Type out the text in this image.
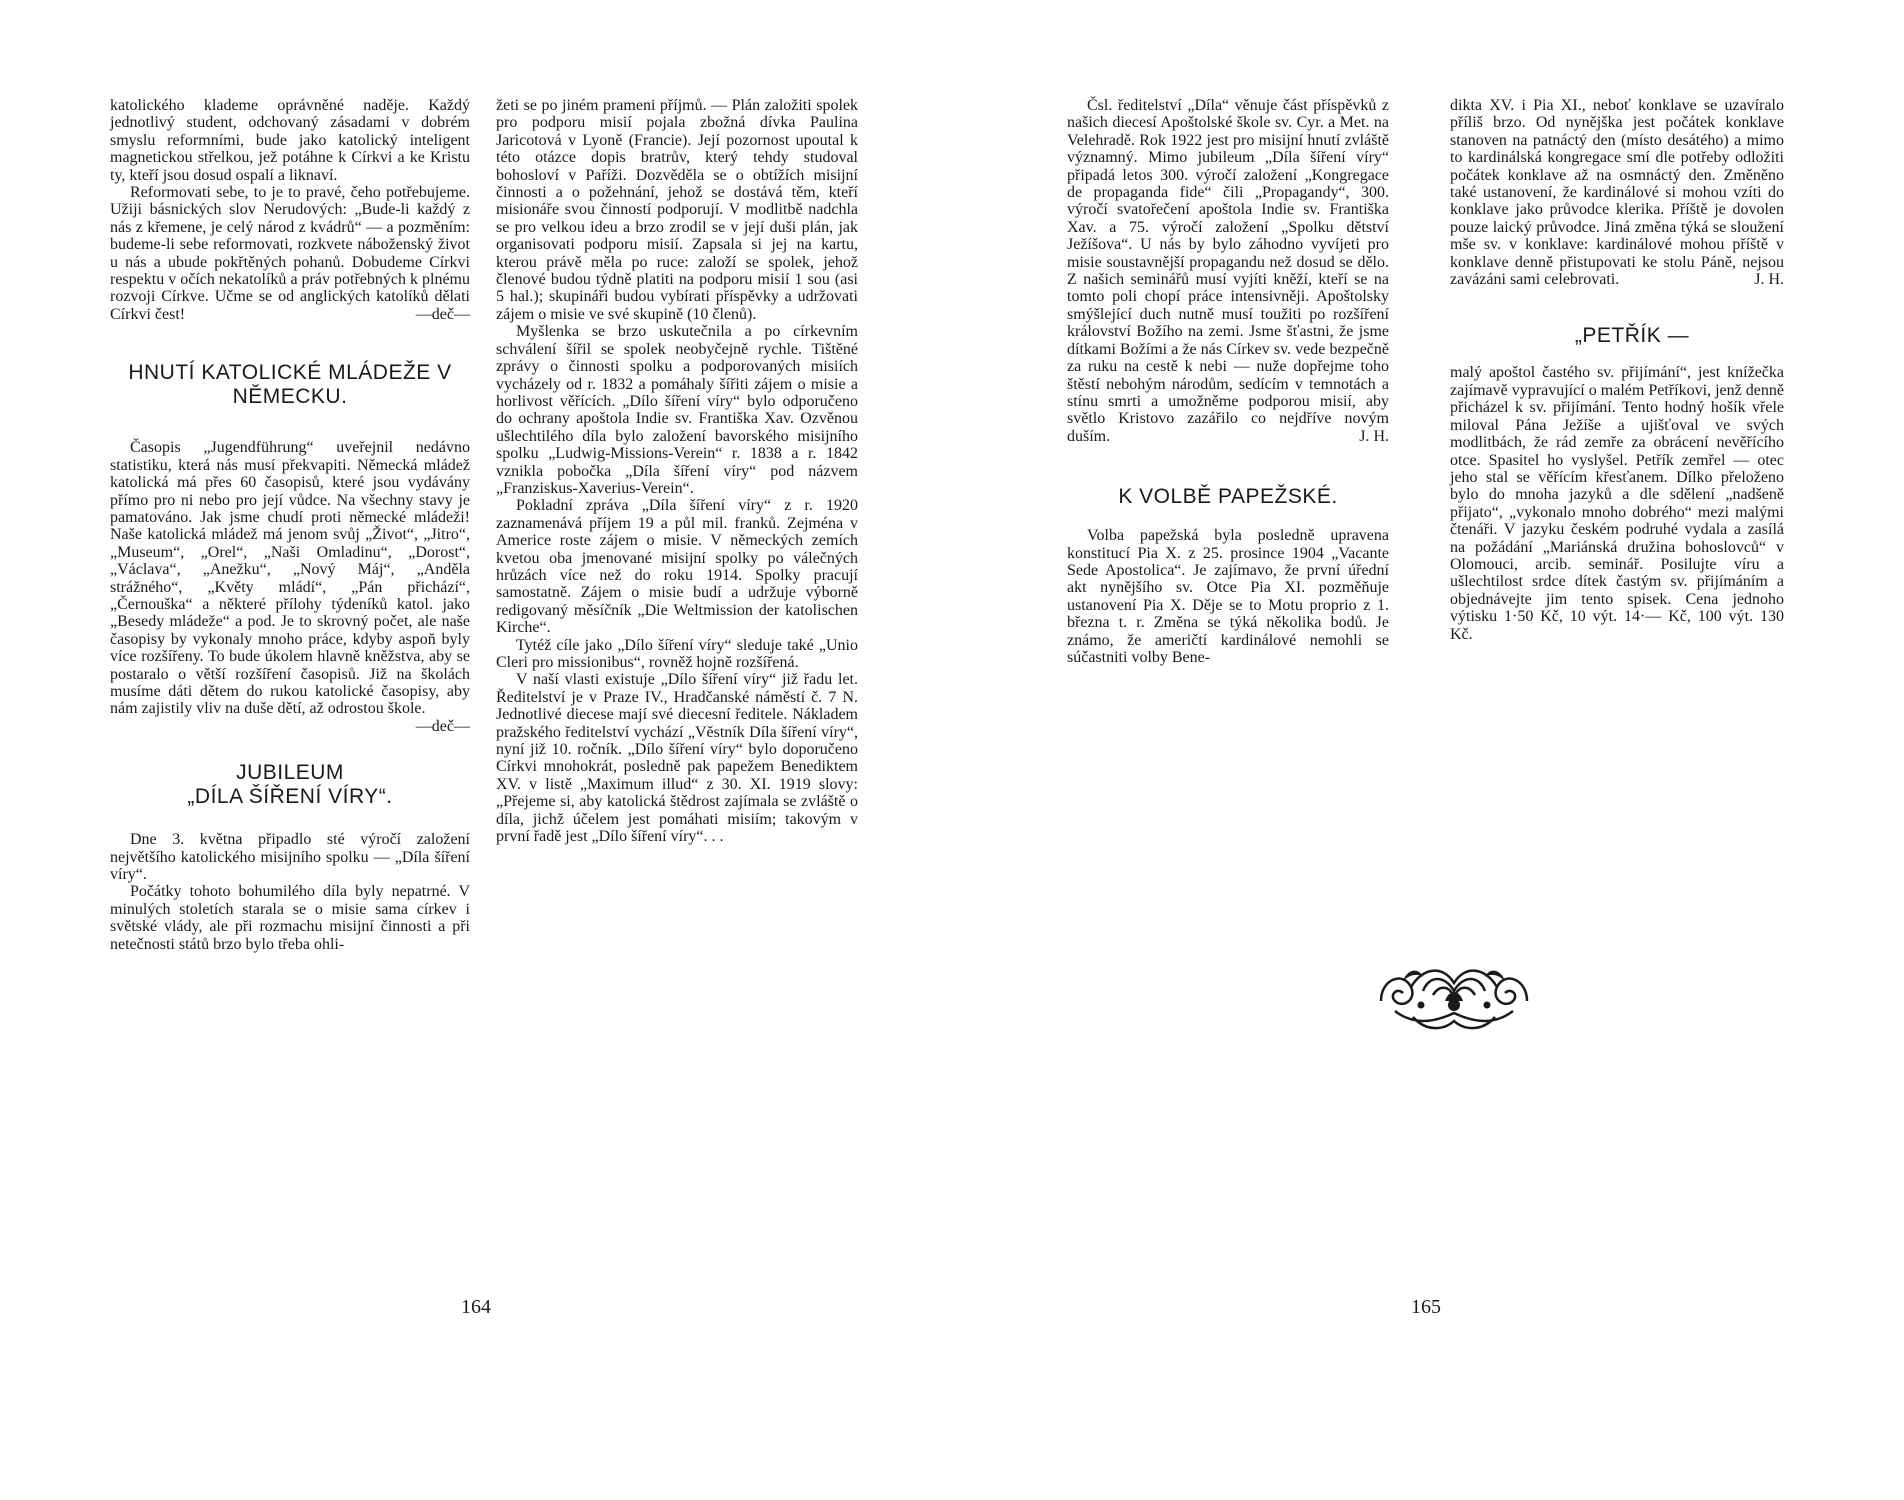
katolického klademe oprávněné naděje. Každý jednotlivý student, odchovaný zásadami v dobrém smyslu reformními, bude jako katolický inteligent magnetickou střelkou, jež potáhne k Církvi a ke Kristu ty, kteří jsou dosud ospalí a liknaví.

Reformovati sebe, to je to pravé, čeho potřebujeme. Užiji básnických slov Nerudových: „Bude-li každý z nás z křemene, je celý národ z kvádrů“ — a pozměním: budeme-li sebe reformovati, rozkvete náboženský život u nás a ubude pokřtěných pohanů. Dobudeme Církvi respektu v očích nekatolíků a práv potřebných k plnému rozvoji Církve. Učme se od anglických katolíků dělati Církvi čest!	—deč—

HNUTÍ KATOLICKÉ MLÁDEŽE V NĚMECKU.

Časopis „Jugendführung“ uveřejnil nedávno statistiku, která nás musí překvapiti. Německá mládež katolická má přes 60 časopisů, které jsou vydávány přímo pro ni nebo pro její vůdce. Na všechny stavy je pamatováno. Jak jsme chudí proti německé mládeži! Naše katolická mládež má jenom svůj „Život“, „Jitro“, „Museum“, „Orel“, „Naši Omladinu“, „Dorost“, „Václava“, „Anežku“, „Nový Máj“, „Anděla strážného“, „Květy mládí“, „Pán přichází“, „Černouška“ a některé přílohy týdeníků katol. jako „Besedy mládeže“ a pod. Je to skrovný počet, ale naše časopisy by vykonaly mnoho práce, kdyby aspoň byly více rozšířeny. To bude úkolem hlavně kněžstva, aby se postaralo o větší rozšíření časopisů. Již na školách musíme dáti dětem do rukou katolické časopisy, aby nám zajistily vliv na duše dětí, až odrostou škole.
—deč—

JUBILEUM
„DÍLA ŠÍŘENÍ VÍRY“.

Dne 3. května připadlo sté výročí založení největšího katolického misijního spolku — „Díla šíření víry“.

Počátky tohoto bohumilého díla byly nepatrné. V minulých stoletích starala se o misie sama církev i světské vlády, ale při rozmachu misijní činnosti a při netečnosti států brzo bylo třeba ohli-

žeti se po jiném prameni příjmů. — Plán založiti spolek pro podporu misií pojala zbožná dívka Paulina Jaricotová v Lyoně (Francie). Její pozornost upoutal k této otázce dopis bratrův, který tehdy studoval bohosloví v Paříži. Dozvěděla se o obtížích misijní činnosti a o požehnání, jehož se dostává těm, kteří misionáře svou činností podporují. V modlitbě nadchla se pro velkou ideu a brzo zrodil se v její duši plán, jak organisovati podporu misií. Zapsala si jej na kartu, kterou právě měla po ruce: založí se spolek, jehož členové budou týdně platiti na podporu misií 1 sou (asi 5 hal.); skupináři budou vybírati příspěvky a udržovati zájem o misie ve své skupině (10 členů).

Myšlenka se brzo uskutečnila a po církevním schválení šířil se spolek neobyčejně rychle. Tištěné zprávy o činnosti spolku a podporovaných misiích vycházely od r. 1832 a pomáhaly šířiti zájem o misie a horlivost věřících. „Dílo šíření víry“ bylo odporučeno do ochrany apoštola Indie sv. Františka Xav. Ozvěnou ušlechtilého díla bylo založení bavorského misijního spolku „Ludwig-Missions-Verein“ r. 1838 a r. 1842 vznikla pobočka „Díla šíření víry“ pod názvem „Franziskus-Xaverius-Verein“.

Pokladní zpráva „Díla šíření víry“ z r. 1920 zaznamenává příjem 19 a půl mil. franků. Zejména v Americe roste zájem o misie. V německých zemích kvetou oba jmenované misijní spolky po válečných hrůzách více než do roku 1914. Spolky pracují samostatně. Zájem o misie budí a udržuje výborně redigovaný měsíčník „Die Weltmission der katolischen Kirche“.

Tytéž cíle jako „Dílo šíření víry“ sleduje také „Unio Cleri pro missionibus“, rovněž hojně rozšířená.

V naší vlasti existuje „Dílo šíření víry“ již řadu let. Ředitelství je v Praze IV., Hradčanské náměstí č. 7 N. Jednotlivé diecese mají své diecesní ředitele. Nákladem pražského ředitelství vychází „Věstník Díla šíření víry“, nyní již 10. ročník. „Dílo šíření víry“ bylo doporučeno Církvi mnohokrát, posledně pak papežem Benediktem XV. v listě „Maximum illud“ z 30. XI. 1919 slovy: „Přejeme si, aby katolická štědrost zajímala se zvláště o díla, jichž účelem jest pomáhati misiím; takovým v první řadě jest „Dílo šíření víry“. . .

164

Čsl. ředitelství „Díla“ věnuje část příspěvků z našich diecesí Apoštolské škole sv. Cyr. a Met. na Velehradě. Rok 1922 jest pro misijní hnutí zvláště významný. Mimo jubileum „Díla šíření víry“ připadá letos 300. výročí založení „Kongregace de propaganda fide“ čili „Propagandy“, 300. výročí svatořečení apoštola Indie sv. Františka Xav. a 75. výročí založení „Spolku dětství Ježíšova“. U nás by bylo záhodno vyvíjeti pro misie soustavnější propagandu než dosud se dělo. Z našich seminářů musí vyjíti kněží, kteří se na tomto poli chopí práce intensivněji. Apoštolsky smýšlející duch nutně musí toužiti po rozšíření království Božího na zemi. Jsme šťastni, že jsme dítkami Božími a že nás Církev sv. vede bezpečně za ruku na cestě k nebi — nuže dopřejme toho štěstí nebohým národům, sedícím v temnotách a stínu smrti a umožněme podporou misií, aby světlo Kristovo zazářilo co nejdříve novým duším.	J. H.

K VOLBĚ PAPEŽSKÉ.

Volba papežská byla posledně upravena konstitucí Pia X. z 25. prosince 1904 „Vacante Sede Apostolica“. Je zajímavo, že první úřední akt nynějšího sv. Otce Pia XI. pozměňuje ustanovení Pia X. Děje se to Motu proprio z 1. března t. r. Změna se týká několika bodů. Je známo, že američtí kardinálové nemohli se súčastniti volby Bene-

dikta XV. i Pia XI., neboť konklave se uzavíralo příliš brzo. Od nynějška jest počátek konklave stanoven na patnáctý den (místo desátého) a mimo to kardinálská kongregace smí dle potřeby odložiti počátek konklave až na osmnáctý den. Změněno také ustanovení, že kardinálové si mohou vzíti do konklave jako průvodce klerika. Příště je dovolen pouze laický průvodce. Jiná změna týká se sloužení mše sv. v konklave: kardinálové mohou příště v konklave denně přistupovati ke stolu Páně, nejsou zavázáni sami celebrovati.	J. H.

„PETŘÍK —

malý apoštol častého sv. přijímání“, jest knížečka zajímavě vypravující o malém Petříkovi, jenž denně přicházel k sv. přijímání. Tento hodný hošík vřele miloval Pána Ježíše a ujišťoval ve svých modlitbách, že rád zemře za obrácení nevěřícího otce. Spasitel ho vyslyšel. Petřík zemřel — otec jeho stal se věřícím křesťanem. Dílko přeloženo bylo do mnoha jazyků a dle sdělení „nadšeně přijato“, „vykonalo mnoho dobrého“ mezi malými čtenáři. V jazyku českém podruhé vydala a zasílá na požádání „Mariánská družina bohoslovců“ v Olomouci, arcib. seminář. Posilujte víru a ušlechtilost srdce dítek častým sv. přijímáním a objednávejte jim tento spisek. Cena jednoho výtisku 1·50 Kč, 10 výt. 14·— Kč, 100 výt. 130 Kč.

165
